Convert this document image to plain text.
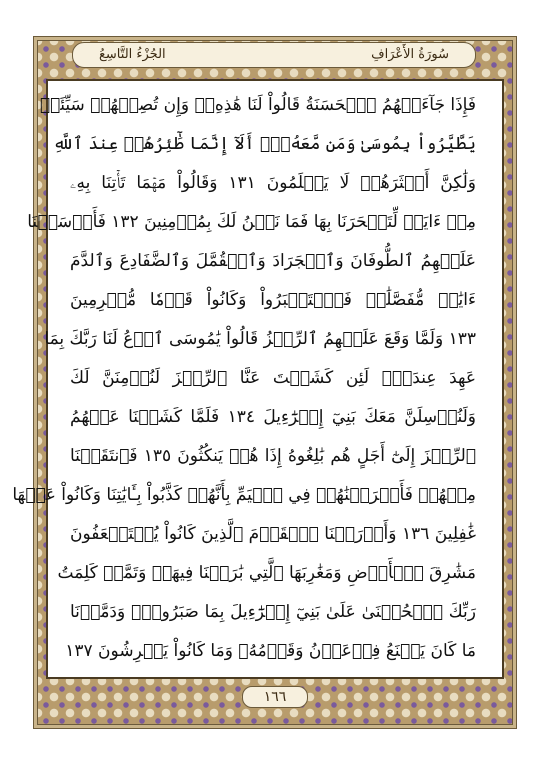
الجُزْءُ التَّاسِعُ	سُورَةُ الأَعْرَافِ
فَإِذَا جَآءَتۡهُمُ ٱلۡحَسَنَةُ قَالُواْ لَنَا هَٰذِهِۦۖ وَإِن تُصِبۡهُمۡ سَيِّئَةٞ
يَطَّيَّرُواْ بِمُوسَىٰ وَمَن مَّعَهُۥٓۗ أَلَآ إِنَّمَا طَٰٓئِرُهُمۡ عِندَ ٱللَّهِ
وَلَٰكِنَّ أَكۡثَرَهُمۡ لَا يَعۡلَمُونَ ١٣١ وَقَالُواْ مَهۡمَا تَأۡتِنَا بِهِۦ
مِنۡ ءَايَةٖ لِّتَسۡحَرَنَا بِهَا فَمَا نَحۡنُ لَكَ بِمُؤۡمِنِينَ ١٣٢ فَأَرۡسَلۡنَا
عَلَيۡهِمُ ٱلطُّوفَانَ وَٱلۡجَرَادَ وَٱلۡقُمَّلَ وَٱلضَّفَادِعَ وَٱلدَّمَ
ءَايَٰتٖ مُّفَصَّلَٰتٖ فَٱسۡتَكۡبَرُواْ وَكَانُواْ قَوۡمٗا مُّجۡرِمِينَ
١٣٣ وَلَمَّا وَقَعَ عَلَيۡهِمُ ٱلرِّجۡزُ قَالُواْ يَٰمُوسَى ٱدۡعُ لَنَا رَبَّكَ بِمَا
عَهِدَ عِندَكَۖ لَئِن كَشَفۡتَ عَنَّا ٱلرِّجۡزَ لَنُؤۡمِنَنَّ لَكَ
وَلَنُرۡسِلَنَّ مَعَكَ بَنِيٓ إِسۡرَٰٓءِيلَ ١٣٤ فَلَمَّا كَشَفۡنَا عَنۡهُمُ
ٱلرِّجۡزَ إِلَىٰٓ أَجَلٍ هُم بَٰلِغُوهُ إِذَا هُمۡ يَنكُثُونَ ١٣٥ فَٱنتَقَمۡنَا
مِنۡهُمۡ فَأَغۡرَقۡنَٰهُمۡ فِي ٱلۡيَمِّ بِأَنَّهُمۡ كَذَّبُواْ بِـَٔايَٰتِنَا وَكَانُواْ عَنۡهَا
غَٰفِلِينَ ١٣٦ وَأَوۡرَثۡنَا ٱلۡقَوۡمَ ٱلَّذِينَ كَانُواْ يُسۡتَضۡعَفُونَ
مَشَٰرِقَ ٱلۡأَرۡضِ وَمَغَٰرِبَهَا ٱلَّتِي بَٰرَكۡنَا فِيهَاۖ وَتَمَّتۡ كَلِمَتُ
رَبِّكَ ٱلۡحُسۡنَىٰ عَلَىٰ بَنِيٓ إِسۡرَٰٓءِيلَ بِمَا صَبَرُواْۖ وَدَمَّرۡنَا
مَا كَانَ يَصۡنَعُ فِرۡعَوۡنُ وَقَوۡمُهُۥ وَمَا كَانُواْ يَعۡرِشُونَ ١٣٧
١٦٦
